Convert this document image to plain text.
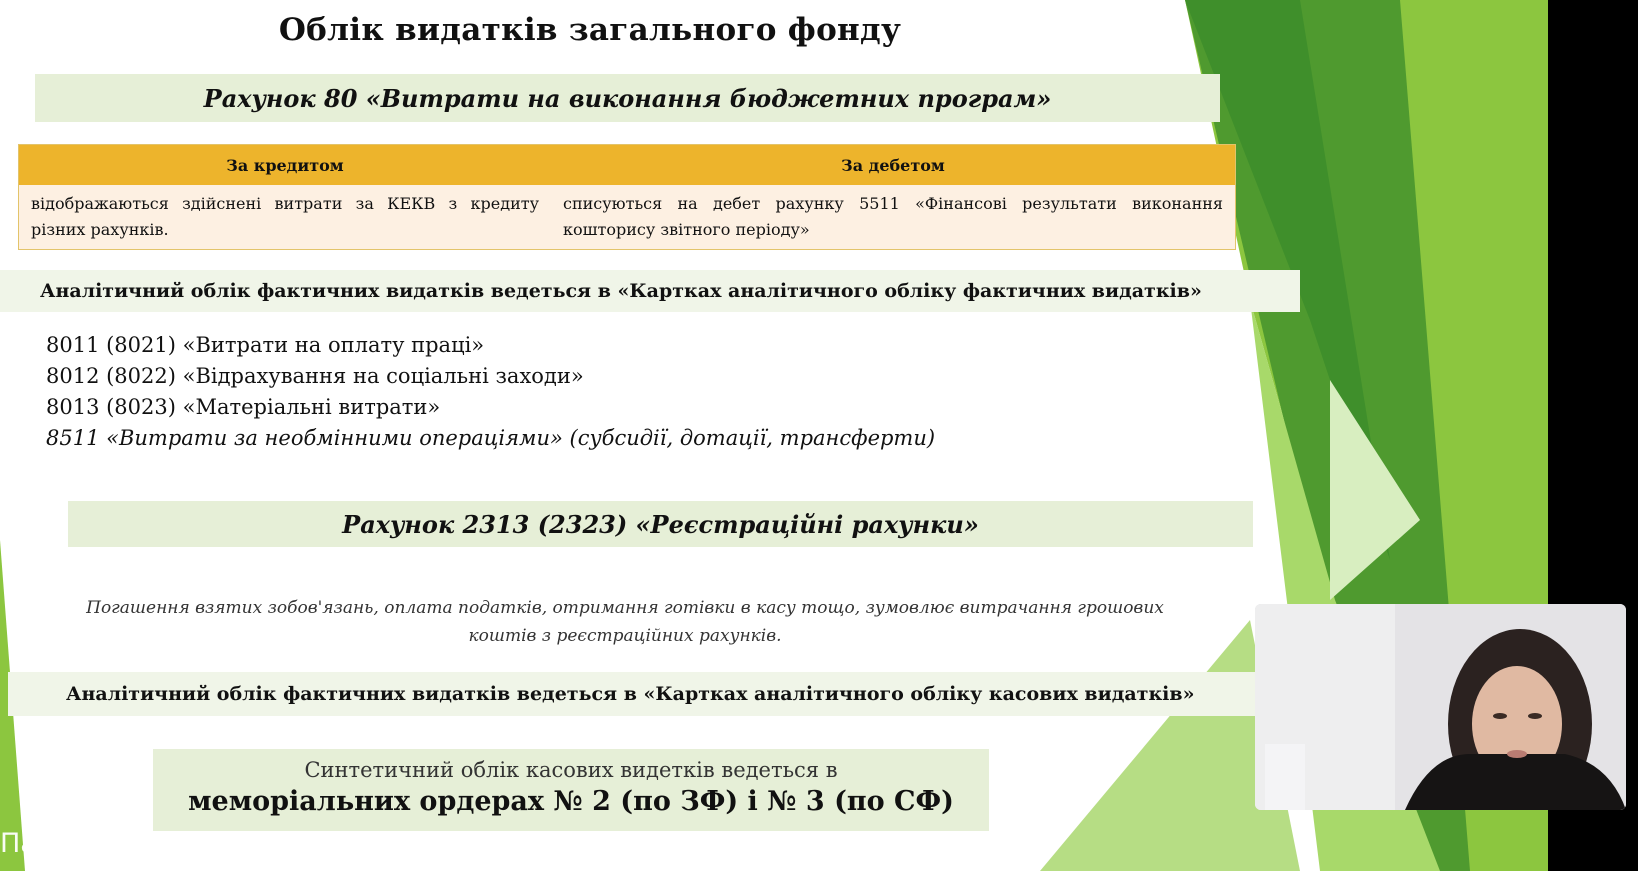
Облік видатків загального фонду
Рахунок 80 «Витрати на виконання бюджетних програм»
За кредитом	За дебетом
відображаються здійснені витрати за КЕКВ з кредиту різних рахунків.
списуються на дебет рахунку 5511 «Фінансові результати виконання кошторису звітного періоду»
Аналітичний облік фактичних видатків ведеться в «Картках аналітичного обліку фактичних видатків»
8011 (8021) «Витрати на оплату праці»
8012 (8022) «Відрахування на соціальні заходи»
8013 (8023) «Матеріальні витрати»
8511 «Витрати за необмінними операціями» (субсидії, дотації, трансферти)
Рахунок 2313 (2323) «Реєстраційні рахунки»
Погашення взятих зобов'язань, оплата податків, отримання готівки в касу тощо, зумовлює витрачання грошових
коштів з реєстраційних рахунків.
Аналітичний облік фактичних видатків ведеться в «Картках аналітичного обліку касових видатків»
Синтетичний облік касових видетків ведеться в
меморіальних ордерах № 2 (по ЗФ) і № 3 (по СФ)
Пан
